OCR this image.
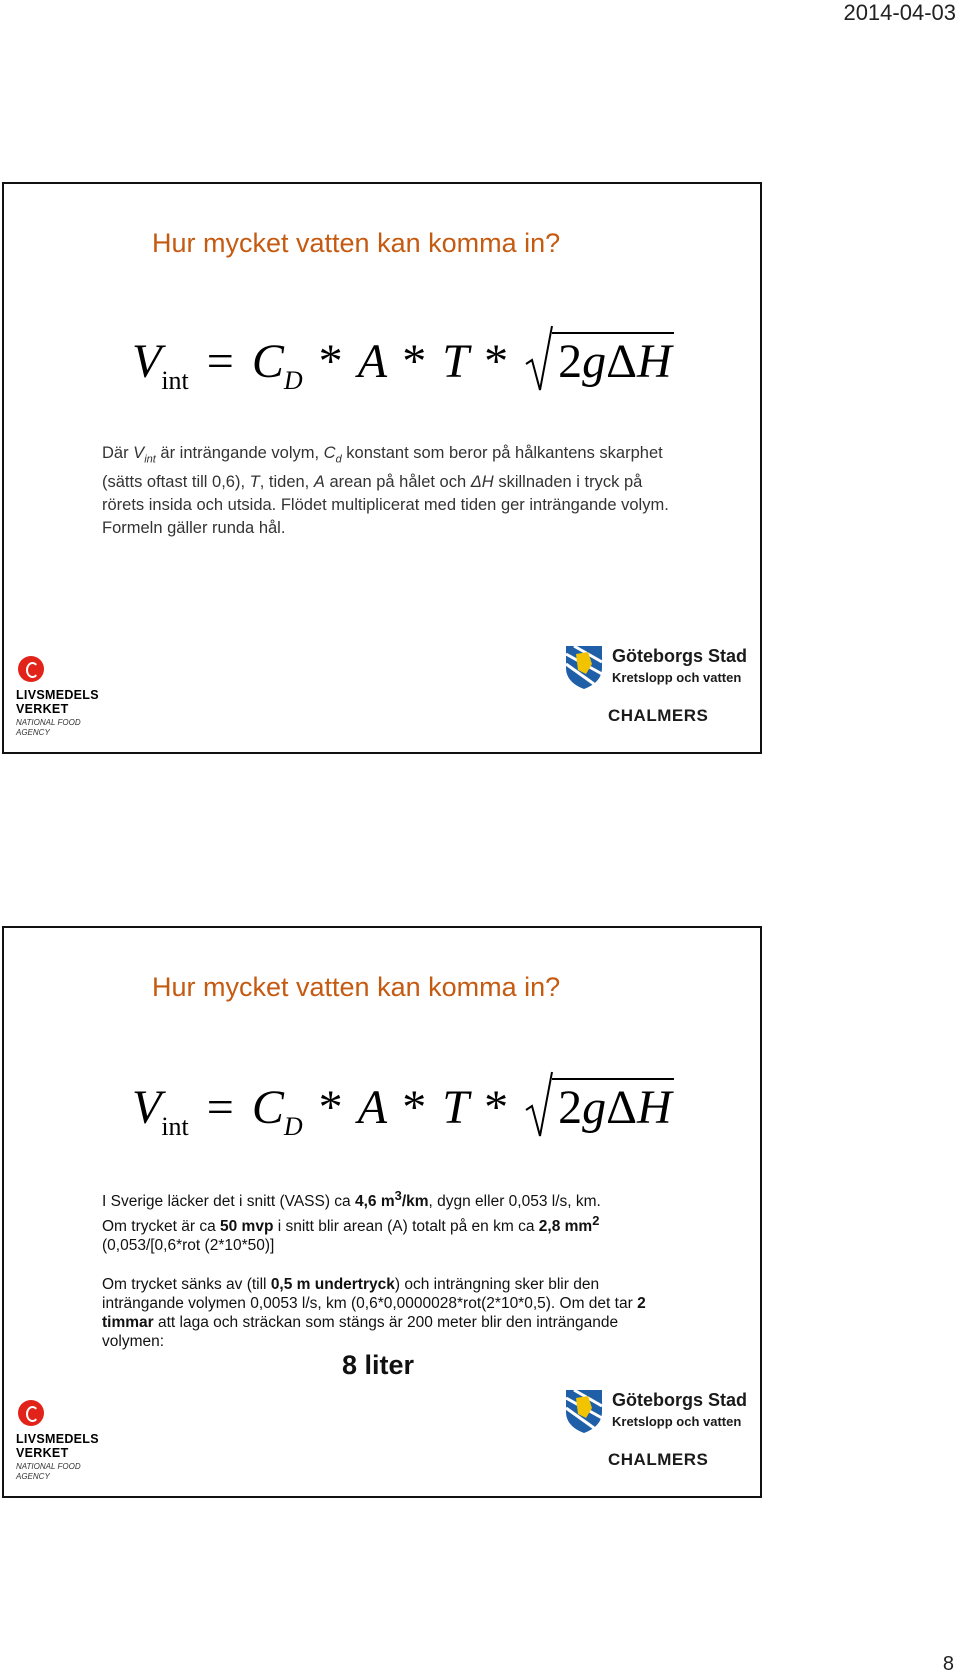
2014-04-03
Hur mycket vatten kan komma in?
$V_{int} = C_D * A * T * 2g\Delta H$
Där $V_{int}$ är inträngande volym, $C_d$ konstant som beror på hålkantens skarphet (sätts oftast till 0,6), T, tiden, A arean på hålet och ΔH skillnaden i tryck på rörets insida och utsida. Flödet multiplicerat med tiden ger inträngande volym. Formeln gäller runda hål.
LIVSMEDELS
VERKET
NATIONAL FOOD
AGENCY
Göteborgs Stad
Kretslopp och vatten
CHALMERS
Hur mycket vatten kan komma in?
$V_{int} = C_D * A * T * 2g\Delta H$

I Sverige läcker det i snitt (VASS) ca 4,6 $m^3/km$, dygn eller 0,053 l/s, km.

Om trycket är ca 50 mvp i snitt blir arean (A) totalt på en km ca 2,8 $mm^2$
(0,053/[0,6*rot (2*10*50)]

Om trycket sänks av (till 0,5 m undertryck) och inträngning sker blir den inträngande volymen 0,0053 l/s, km (0,6*0,0000028*rot(2*10*0,5). Om det tar 2 timmar att laga och sträckan som stängs är 200 meter blir den inträngande volymen:

8 liter
LIVSMEDELS
VERKET
NATIONAL FOOD
AGENCY
Göteborgs Stad
Kretslopp och vatten
CHALMERS
8
